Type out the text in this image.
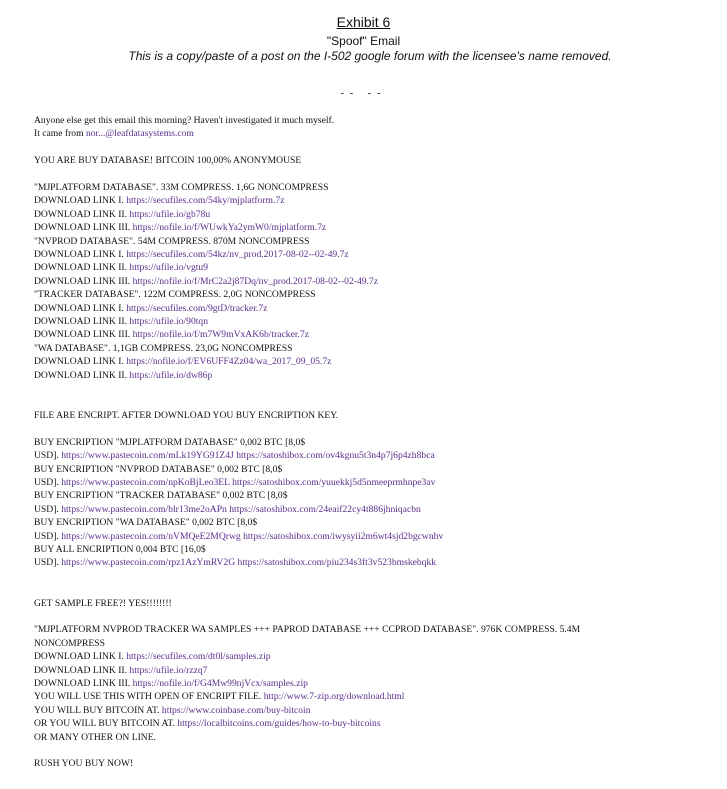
Exhibit 6
"Spoof" Email
This is a copy/paste of a post on the I-502 google forum with the licensee's name removed.
-- --
Anyone else get this email this morning? Haven't investigated it much myself.
It came from nor...@leafdatasystems.com
YOU ARE BUY DATABASE! BITCOIN 100,00% ANONYMOUSE
"MJPLATFORM DATABASE". 33M COMPRESS. 1,6G NONCOMPRESS
DOWNLOAD LINK I. https://secufiles.com/54ky/mjplatform.7z
DOWNLOAD LINK II. https://ufile.io/gb78u
DOWNLOAD LINK III. https://nofile.io/f/WUwkYa2ymW0/mjplatform.7z
"NVPROD DATABASE". 54M COMPRESS. 870M NONCOMPRESS
DOWNLOAD LINK I. https://secufiles.com/54kz/nv_prod.2017-08-02--02-49.7z
DOWNLOAD LINK II. https://ufile.io/vgtu9
DOWNLOAD LINK III. https://nofile.io/f/MrC2a2j87Dq/nv_prod.2017-08-02--02-49.7z
"TRACKER DATABASE". 122M COMPRESS. 2,0G NONCOMPRESS
DOWNLOAD LINK I. https://secufiles.com/9gtD/tracker.7z
DOWNLOAD LINK II. https://ufile.io/90tqn
DOWNLOAD LINK III. https://nofile.io/f/m7W9mVxAK6b/tracker.7z
"WA DATABASE". 1,1GB COMPRESS. 23,0G NONCOMPRESS
DOWNLOAD LINK I. https://nofile.io/f/EV6UFF4Zz04/wa_2017_09_05.7z
DOWNLOAD LINK II. https://ufile.io/dw86p
FILE ARE ENCRIPT. AFTER DOWNLOAD YOU BUY ENCRIPTION KEY.
BUY ENCRIPTION "MJPLATFORM DATABASE" 0,002 BTC [8,0$
USD]. https://www.pastecoin.com/mLk19YG91Z4J https://satoshibox.com/ov4kgnu5t3n4p7j6p4zh8bca
BUY ENCRIPTION "NVPROD DATABASE" 0,002 BTC [8,0$
USD]. https://www.pastecoin.com/npKoBjLeo3EL https://satoshibox.com/yuuekkj5d5nmeeprmhnpe3av
BUY ENCRIPTION "TRACKER DATABASE" 0,002 BTC [8,0$
USD]. https://www.pastecoin.com/blr13me2oAPn https://satoshibox.com/24eaif22cy4t886jhniqacbn
BUY ENCRIPTION "WA DATABASE" 0,002 BTC [8,0$
USD]. https://www.pastecoin.com/nVMQeE2MQrwg https://satoshibox.com/iwysyii2m6wt4sjd2bgcwnhv
BUY ALL ENCRIPTION 0,004 BTC [16,0$
USD]. https://www.pastecoin.com/rpz1AzYmRV2G https://satoshibox.com/piu234s3ft3v523bmskebqkk
GET SAMPLE FREE?! YES!!!!!!!!
"MJPLATFORM NVPROD TRACKER WA SAMPLES +++ PAPROD DATABASE +++ CCPROD DATABASE". 976K COMPRESS. 5.4M
NONCOMPRESS
DOWNLOAD LINK I. https://secufiles.com/dt0l/samples.zip
DOWNLOAD LINK II. https://ufile.io/rzzq7
DOWNLOAD LINK III. https://nofile.io/f/G4Mw99njVcx/samples.zip
YOU WILL USE THIS WITH OPEN OF ENCRIPT FILE. http://www.7-zip.org/download.html
YOU WILL BUY BITCOIN AT. https://www.coinbase.com/buy-bitcoin
OR YOU WILL BUY BITCOIN AT. https://localbitcoins.com/guides/how-to-buy-bitcoins
OR MANY OTHER ON LINE.
RUSH YOU BUY NOW!
